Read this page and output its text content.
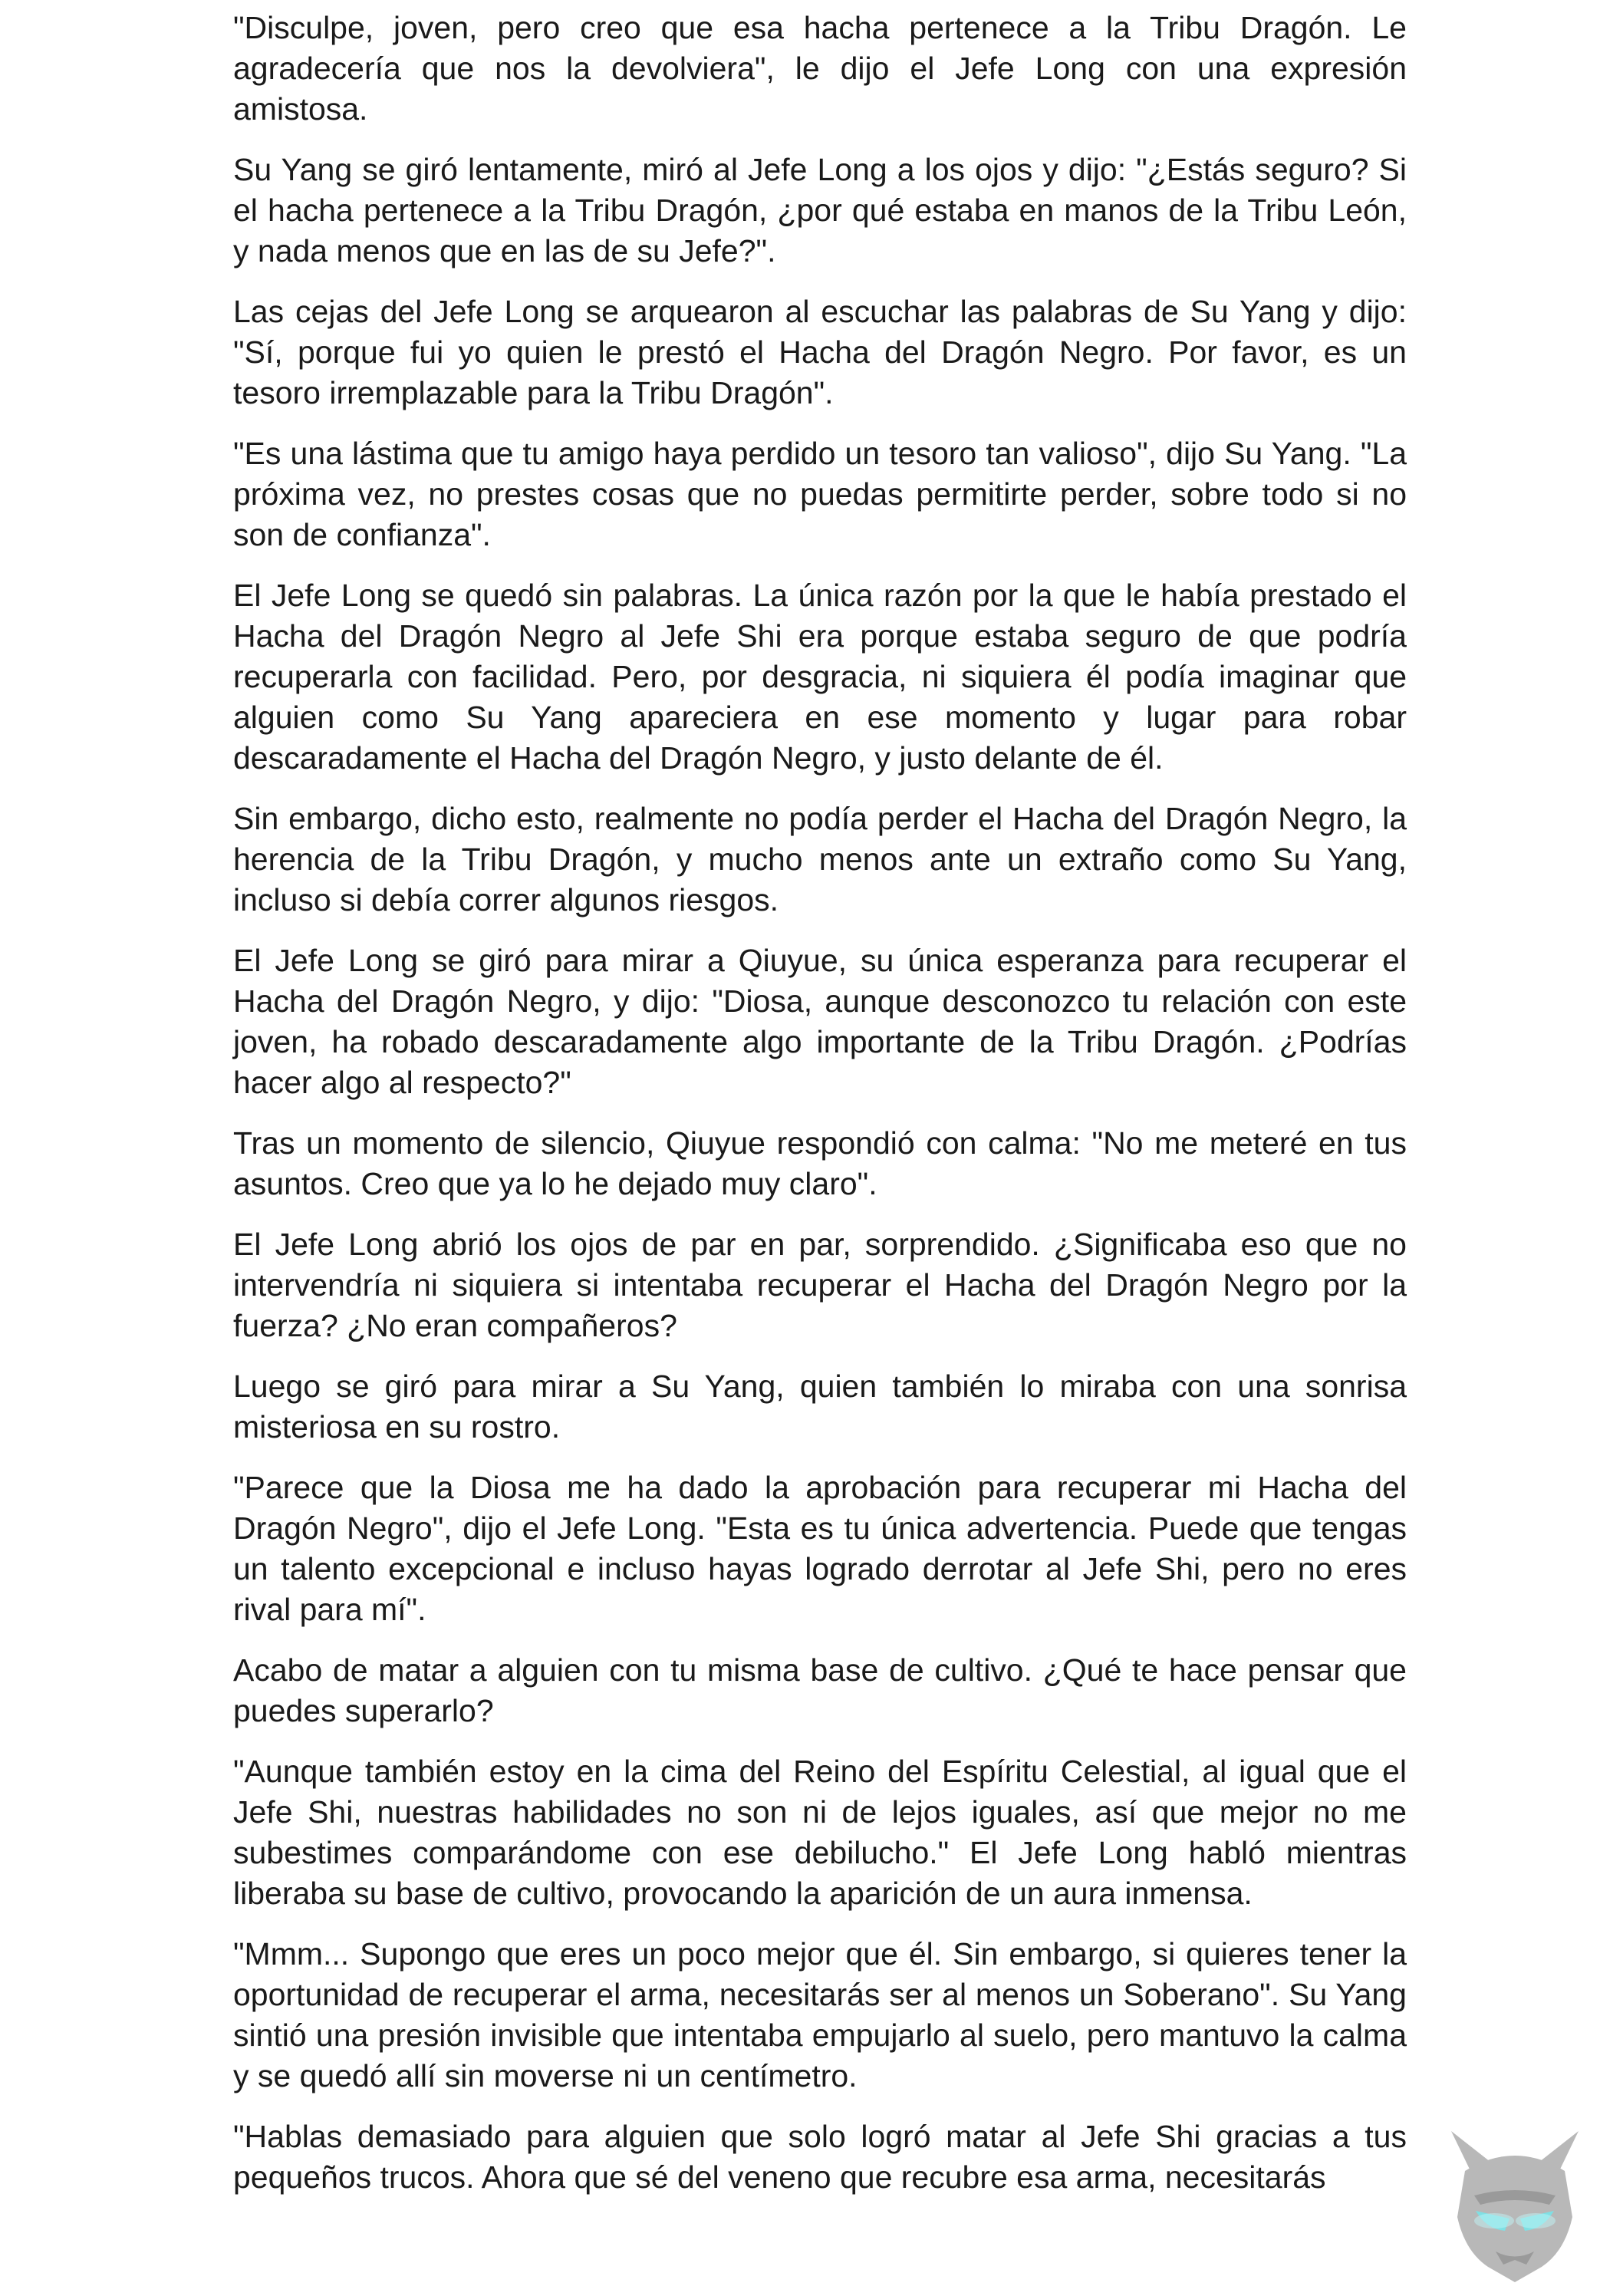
"Disculpe, joven, pero creo que esa hacha pertenece a la Tribu Dragón. Le agradecería que nos la devolviera", le dijo el Jefe Long con una expresión amistosa.

Su Yang se giró lentamente, miró al Jefe Long a los ojos y dijo: "¿Estás seguro? Si el hacha pertenece a la Tribu Dragón, ¿por qué estaba en manos de la Tribu León, y nada menos que en las de su Jefe?".

Las cejas del Jefe Long se arquearon al escuchar las palabras de Su Yang y dijo: "Sí, porque fui yo quien le prestó el Hacha del Dragón Negro. Por favor, es un tesoro irremplazable para la Tribu Dragón".

"Es una lástima que tu amigo haya perdido un tesoro tan valioso", dijo Su Yang. "La próxima vez, no prestes cosas que no puedas permitirte perder, sobre todo si no son de confianza".

El Jefe Long se quedó sin palabras. La única razón por la que le había prestado el Hacha del Dragón Negro al Jefe Shi era porque estaba seguro de que podría recuperarla con facilidad. Pero, por desgracia, ni siquiera él podía imaginar que alguien como Su Yang apareciera en ese momento y lugar para robar descaradamente el Hacha del Dragón Negro, y justo delante de él.

Sin embargo, dicho esto, realmente no podía perder el Hacha del Dragón Negro, la herencia de la Tribu Dragón, y mucho menos ante un extraño como Su Yang, incluso si debía correr algunos riesgos.

El Jefe Long se giró para mirar a Qiuyue, su única esperanza para recuperar el Hacha del Dragón Negro, y dijo: "Diosa, aunque desconozco tu relación con este joven, ha robado descaradamente algo importante de la Tribu Dragón. ¿Podrías hacer algo al respecto?"

Tras un momento de silencio, Qiuyue respondió con calma: "No me meteré en tus asuntos. Creo que ya lo he dejado muy claro".

El Jefe Long abrió los ojos de par en par, sorprendido. ¿Significaba eso que no intervendría ni siquiera si intentaba recuperar el Hacha del Dragón Negro por la fuerza? ¿No eran compañeros?

Luego se giró para mirar a Su Yang, quien también lo miraba con una sonrisa misteriosa en su rostro.

"Parece que la Diosa me ha dado la aprobación para recuperar mi Hacha del Dragón Negro", dijo el Jefe Long. "Esta es tu única advertencia. Puede que tengas un talento excepcional e incluso hayas logrado derrotar al Jefe Shi, pero no eres rival para mí".

Acabo de matar a alguien con tu misma base de cultivo. ¿Qué te hace pensar que puedes superarlo?

"Aunque también estoy en la cima del Reino del Espíritu Celestial, al igual que el Jefe Shi, nuestras habilidades no son ni de lejos iguales, así que mejor no me subestimes comparándome con ese debilucho." El Jefe Long habló mientras liberaba su base de cultivo, provocando la aparición de un aura inmensa.

"Mmm... Supongo que eres un poco mejor que él. Sin embargo, si quieres tener la oportunidad de recuperar el arma, necesitarás ser al menos un Soberano". Su Yang sintió una presión invisible que intentaba empujarlo al suelo, pero mantuvo la calma y se quedó allí sin moverse ni un centímetro.

"Hablas demasiado para alguien que solo logró matar al Jefe Shi gracias a tus pequeños trucos. Ahora que sé del veneno que recubre esa arma, necesitarás
